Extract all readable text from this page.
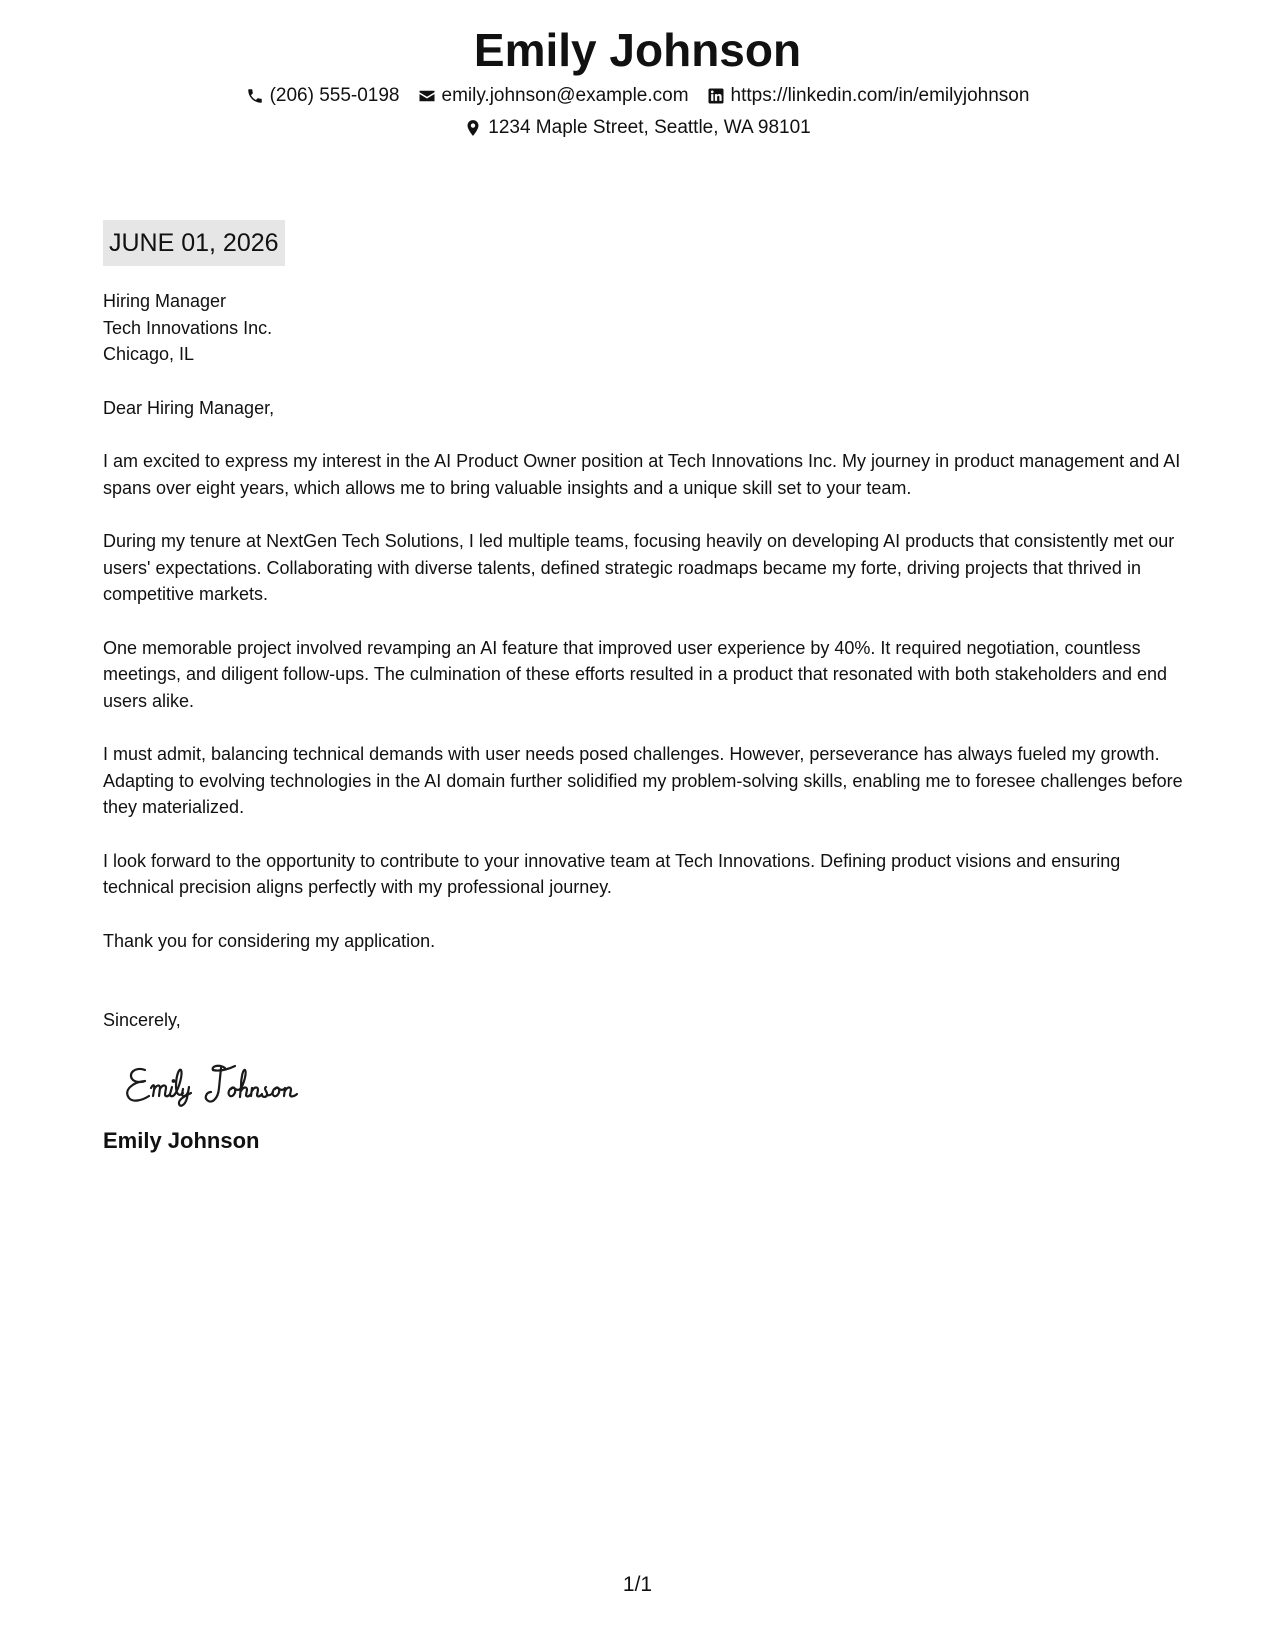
Emily Johnson
(206) 555-0198 emily.johnson@example.com https://linkedin.com/in/emilyjohnson
1234 Maple Street, Seattle, WA 98101
JUNE 01, 2026
Hiring Manager
Tech Innovations Inc.
Chicago, IL

Dear Hiring Manager,

I am excited to express my interest in the AI Product Owner position at Tech Innovations Inc. My journey in product management and AI spans over eight years, which allows me to bring valuable insights and a unique skill set to your team.

During my tenure at NextGen Tech Solutions, I led multiple teams, focusing heavily on developing AI products that consistently met our users' expectations. Collaborating with diverse talents, defined strategic roadmaps became my forte, driving projects that thrived in competitive markets.

One memorable project involved revamping an AI feature that improved user experience by 40%. It required negotiation, countless meetings, and diligent follow-ups. The culmination of these efforts resulted in a product that resonated with both stakeholders and end users alike.

I must admit, balancing technical demands with user needs posed challenges. However, perseverance has always fueled my growth. Adapting to evolving technologies in the AI domain further solidified my problem-solving skills, enabling me to foresee challenges before they materialized.

I look forward to the opportunity to contribute to your innovative team at Tech Innovations. Defining product visions and ensuring technical precision aligns perfectly with my professional journey.

Thank you for considering my application.

Sincerely,

Emily Johnson
1/1
